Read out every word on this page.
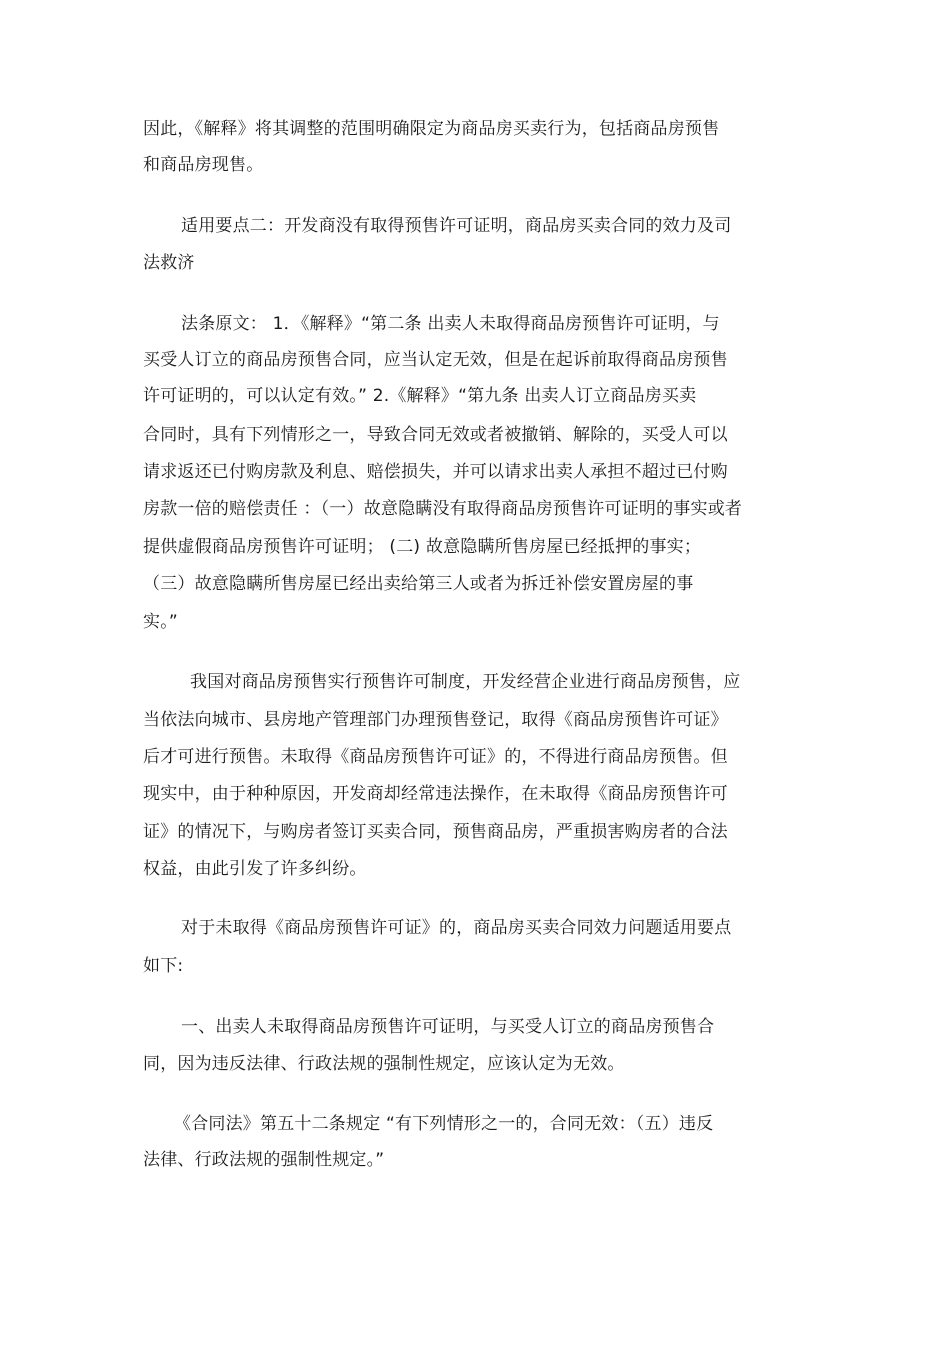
因此，《解释》将其调整的范围明确限定为商品房买卖行为，包括商品房预售
和商品房现售。
适用要点二：开发商没有取得预售许可证明，商品房买卖合同的效力及司
法救济
法条原文： 1．《解释》“第二条 出卖人未取得商品房预售许可证明，与
买受人订立的商品房预售合同，应当认定无效，但是在起诉前取得商品房预售
许可证明的，可以认定有效。” 2.《解释》“第九条 出卖人订立商品房买卖
合同时，具有下列情形之一，导致合同无效或者被撤销、解除的，买受人可以
请求返还已付购房款及利息、赔偿损失，并可以请求出卖人承担不超过已付购
房款一倍的赔偿责任 ：（一）故意隐瞒没有取得商品房预售许可证明的事实或者
提供虚假商品房预售许可证明； (二) 故意隐瞒所售房屋已经抵押的事实；
（三）故意隐瞒所售房屋已经出卖给第三人或者为拆迁补偿安置房屋的事
实。”
我国对商品房预售实行预售许可制度，开发经营企业进行商品房预售，应
当依法向城市、县房地产管理部门办理预售登记，取得《商品房预售许可证》
后才可进行预售。未取得《商品房预售许可证》的，不得进行商品房预售。但
现实中，由于种种原因，开发商却经常违法操作，在未取得《商品房预售许可
证》的情况下，与购房者签订买卖合同，预售商品房，严重损害购房者的合法
权益，由此引发了许多纠纷。
对于未取得《商品房预售许可证》的，商品房买卖合同效力问题适用要点
如下:
一、出卖人未取得商品房预售许可证明，与买受人订立的商品房预售合
同，因为违反法律、行政法规的强制性规定，应该认定为无效。
《合同法》第五十二条规定 “有下列情形之一的，合同无效：（五）违反
法律、行政法规的强制性规定。”
